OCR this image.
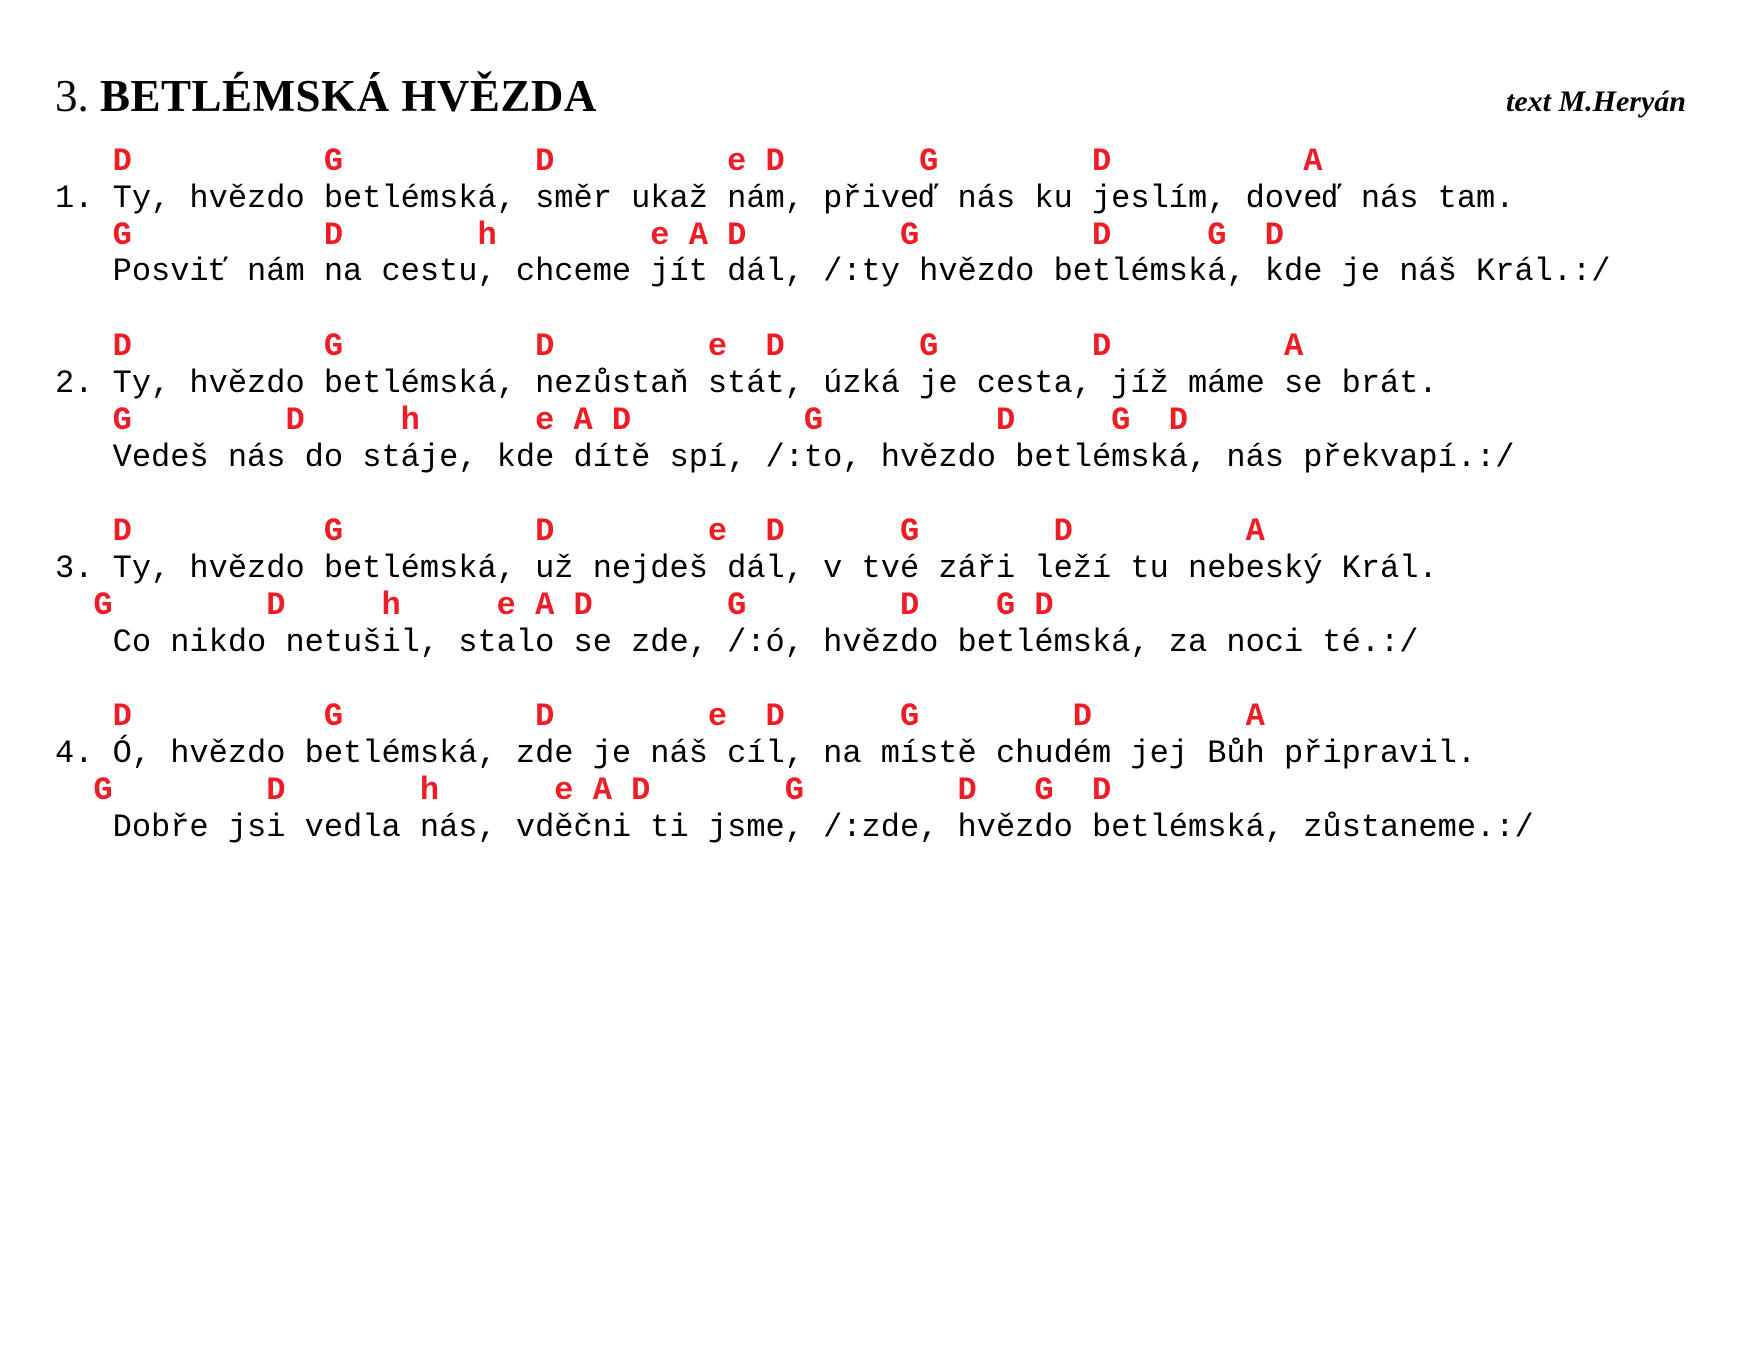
3. BETLÉMSKÁ HVĚZDA	text M.Heryán
D          G          D         e D       G        D          A
1. Ty, hvězdo betlémská, směr ukaž nám, přiveď nás ku jeslím, doveď nás tam.
G          D       h        e A D        G         D     G  D
Posviť nám na cestu, chceme jít dál, /:ty hvězdo betlémská, kde je náš Král.:/
D          G          D        e  D       G        D         A
2. Ty, hvězdo betlémská, nezůstaň stát, úzká je cesta, jíž máme se brát.
G        D     h      e A D         G         D     G  D
Vedeš nás do stáje, kde dítě spí, /:to, hvězdo betlémská, nás překvapí.:/
D          G          D        e  D      G       D         A
3. Ty, hvězdo betlémská, už nejdeš dál, v tvé záři leží tu nebeský Král.
G        D     h     e A D       G        D    G D
Co nikdo netušil, stalo se zde, /:ó, hvězdo betlémská, za noci té.:/
D          G          D        e  D      G        D        A
4. Ó, hvězdo betlémská, zde je náš cíl, na místě chudém jej Bůh připravil.
G        D       h      e A D       G        D   G  D
Dobře jsi vedla nás, vděčni ti jsme, /:zde, hvězdo betlémská, zůstaneme.:/
